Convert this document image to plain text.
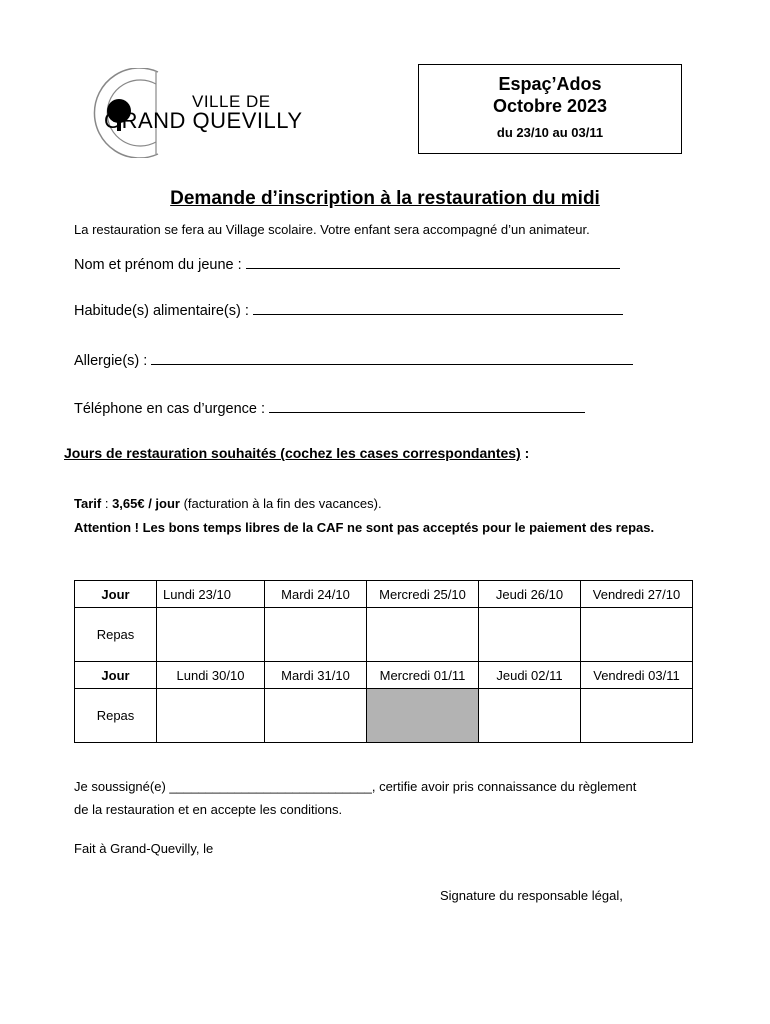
VILLE DE
GRAND QUEVILLY
Espaç’Ados
Octobre 2023
du 23/10 au 03/11
Demande d’inscription à la restauration du midi
La restauration se fera au Village scolaire. Votre enfant sera accompagné d’un animateur.
Nom et prénom du jeune :
Habitude(s) alimentaire(s) :
Allergie(s) :
Téléphone en cas d’urgence :
Jours de restauration souhaités (cochez les cases correspondantes) :
Tarif : 3,65€ / jour (facturation à la fin des vacances).
Attention ! Les bons temps libres de la CAF ne sont pas acceptés pour le paiement des repas.
Jour	Lundi 23/10	Mardi 24/10	Mercredi 25/10	Jeudi 26/10	Vendredi 27/10
Repas					
Jour	Lundi 30/10	Mardi 31/10	Mercredi 01/11	Jeudi 02/11	Vendredi 03/11
Repas					
Je soussigné(e) ____________________________, certifie avoir pris connaissance du règlement
de la restauration et en accepte les conditions.
Fait à Grand-Quevilly, le
Signature du responsable légal,
